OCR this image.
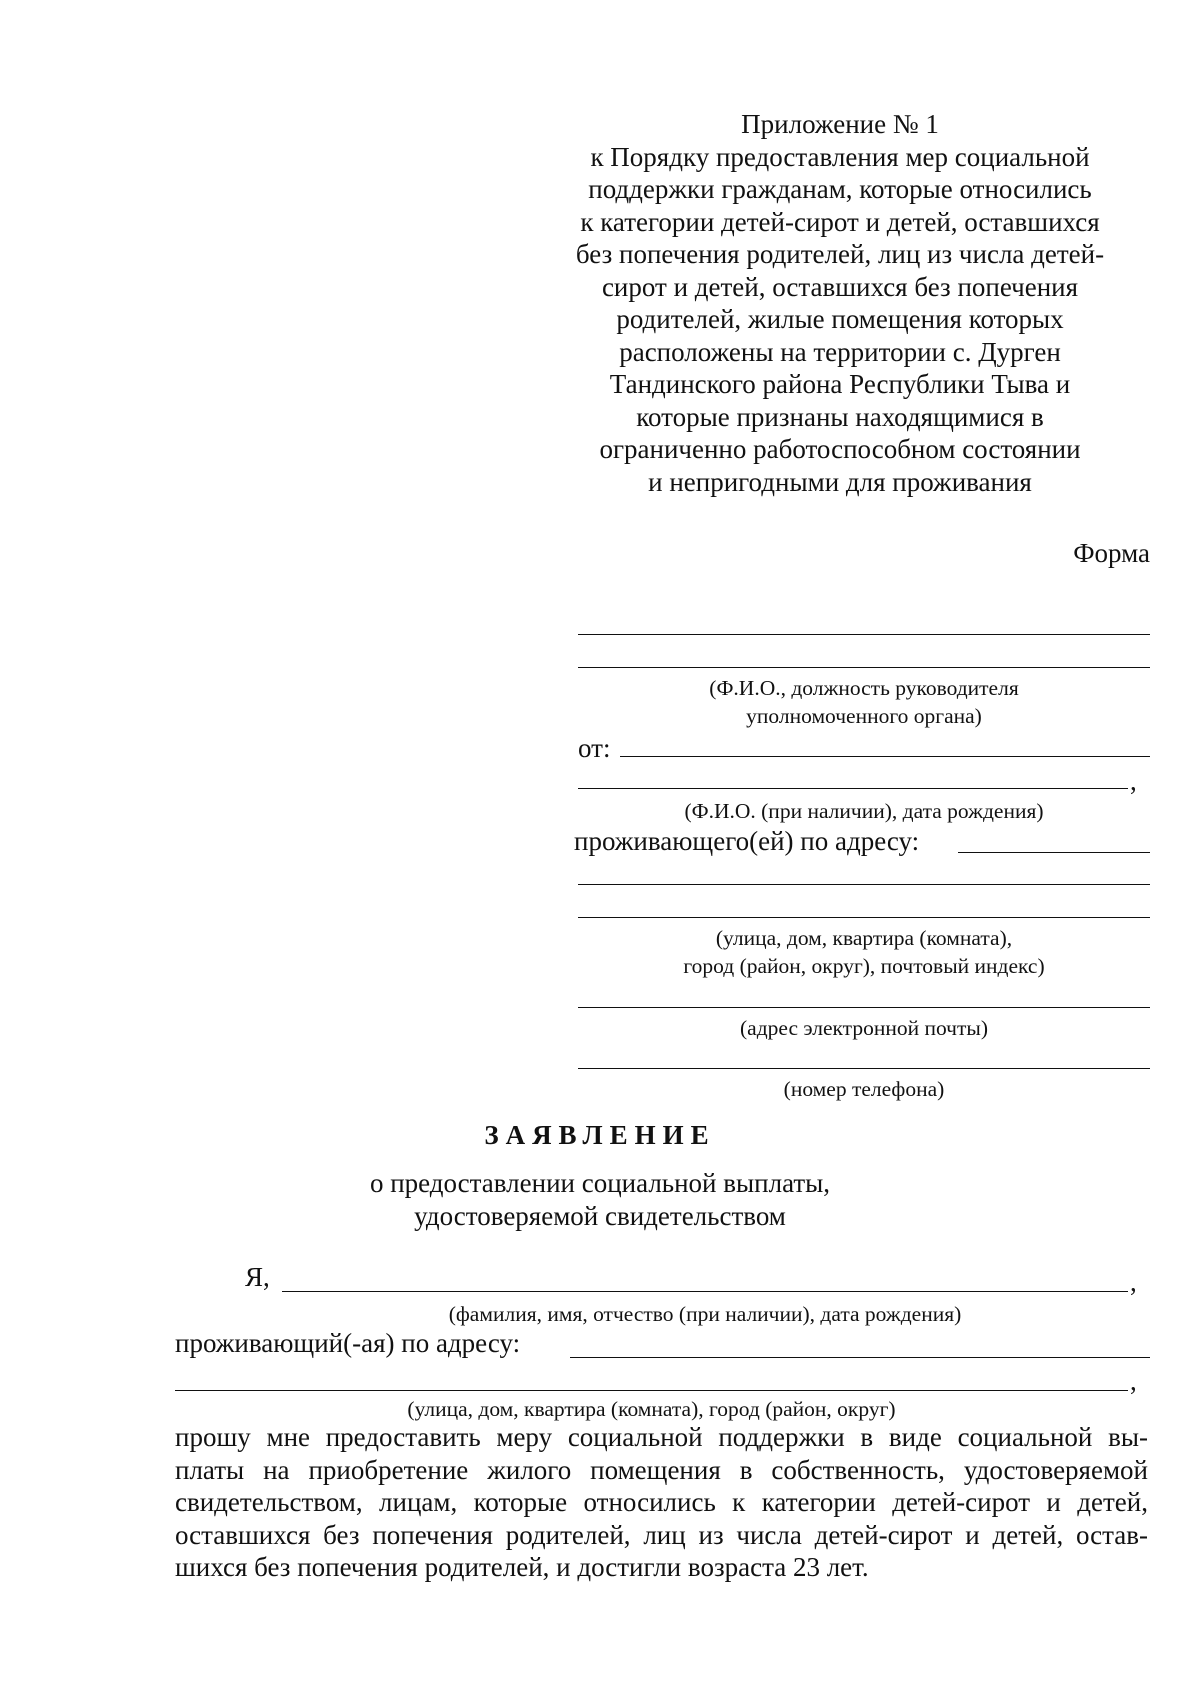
Приложение № 1
к Порядку предоставления мер социальной
поддержки гражданам, которые относились
к категории детей-сирот и детей, оставшихся
без попечения родителей, лиц из числа детей-
сирот и детей, оставшихся без попечения
родителей, жилые помещения которых
расположены на территории с. Дурген
Тандинского района Республики Тыва и
которые признаны находящимися в
ограниченно работоспособном состоянии
и непригодными для проживания
Форма
(Ф.И.О., должность руководителя
уполномоченного органа)
от:
,
(Ф.И.О. (при наличии), дата рождения)
проживающего(ей) по адресу:
(улица, дом, квартира (комната),
город (район, округ), почтовый индекс)
(адрес электронной почты)
(номер телефона)
ЗАЯВЛЕНИЕ
о предоставлении социальной выплаты,
удостоверяемой свидетельством
Я,	,
(фамилия, имя, отчество (при наличии), дата рождения)
проживающий(-ая) по адресу:
,
(улица, дом, квартира (комната), город (район, округ)
прошу мне предоставить меру социальной поддержки в виде социальной вы-
платы на приобретение жилого помещения в собственность, удостоверяемой
свидетельством, лицам, которые относились к категории детей-сирот и детей,
оставшихся без попечения родителей, лиц из числа детей-сирот и детей, остав-
шихся без попечения родителей, и достигли возраста 23 лет.
